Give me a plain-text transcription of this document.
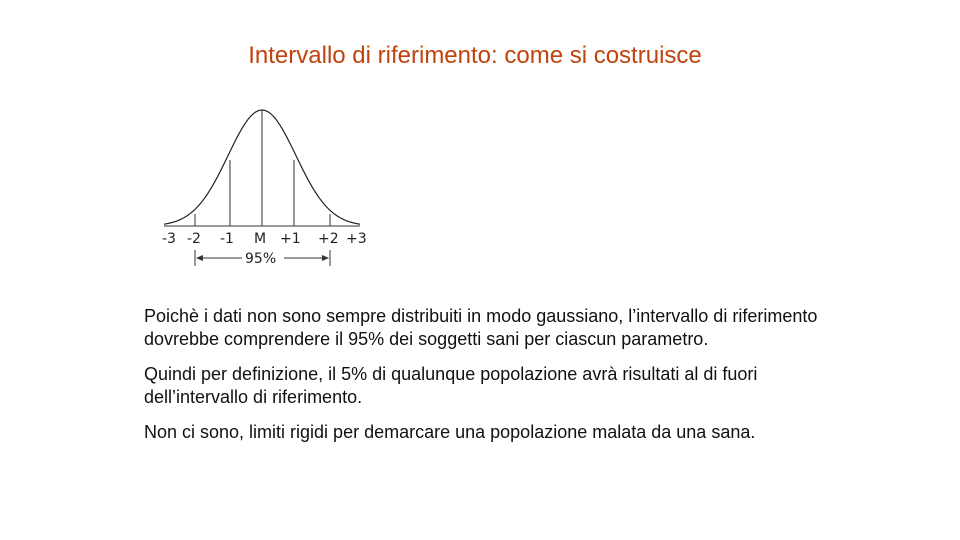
Intervallo di riferimento: come si costruisce
-3 -2 -1 M +1 +2 +3
95%

Poichè i dati non sono sempre distribuiti in modo gaussiano, l’intervallo di riferimento dovrebbe comprendere il 95% dei soggetti sani per ciascun parametro.

Quindi per definizione, il 5% di qualunque popolazione avrà risultati al di fuori dell’intervallo di riferimento.

Non ci sono, limiti rigidi per demarcare una popolazione malata da una sana.
